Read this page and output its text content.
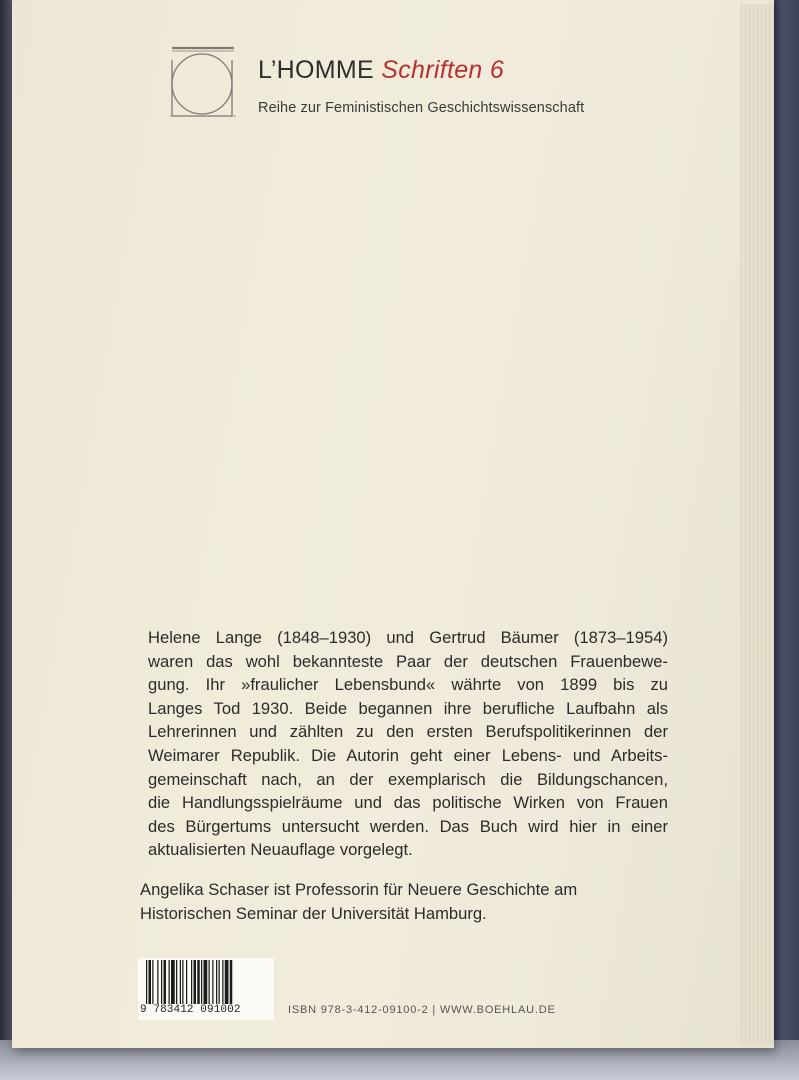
L’HOMME Schriften 6
Reihe zur Feministischen Geschichtswissenschaft
Helene Lange (1848–1930) und Gertrud Bäumer (1873–1954)
waren das wohl bekannteste Paar der deutschen Frauenbewe-
gung. Ihr »fraulicher Lebensbund« währte von 1899 bis zu
Langes Tod 1930. Beide begannen ihre berufliche Laufbahn als
Lehrerinnen und zählten zu den ersten Berufspolitikerinnen der
Weimarer Republik. Die Autorin geht einer Lebens- und Arbeits-
gemeinschaft nach, an der exemplarisch die Bildungschancen,
die Handlungsspielräume und das politische Wirken von Frauen
des Bürgertums untersucht werden. Das Buch wird hier in einer
aktualisierten Neuauflage vorgelegt.
Angelika Schaser ist Professorin für Neuere Geschichte am
Historischen Seminar der Universität Hamburg.
9 783412 091002	ISBN 978-3-412-09100-2 | WWW.BOEHLAU.DE
